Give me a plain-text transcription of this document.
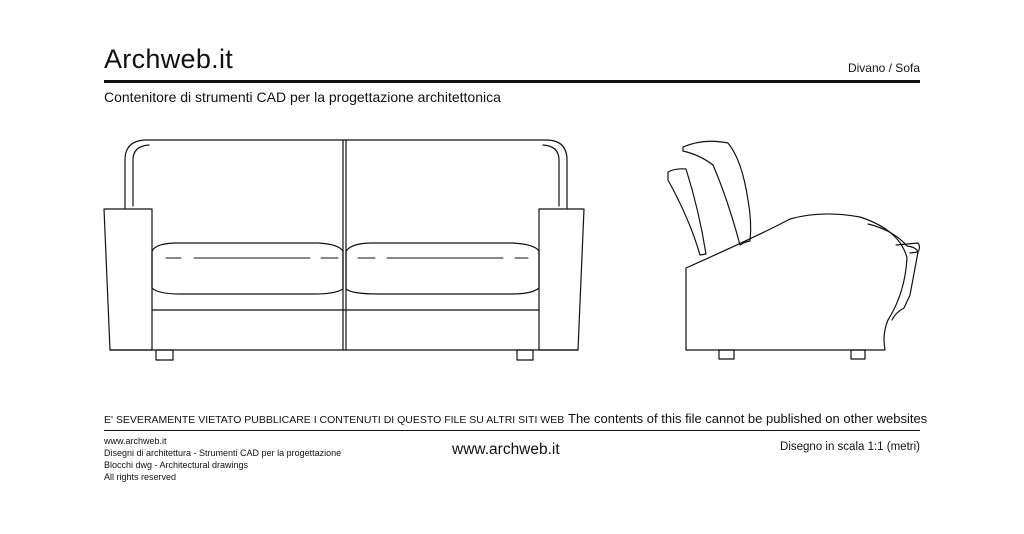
Archweb.it	Divano / Sofa
Contenitore di strumenti CAD per la progettazione architettonica
E' SEVERAMENTE VIETATO PUBBLICARE I CONTENUTI DI QUESTO FILE SU ALTRI SITI WEB The contents of this file cannot be published on other websites
www.archweb.it
Disegni di architettura - Strumenti CAD per la progettazione
Blocchi dwg - Architectural drawings
All rights reserved
www.archweb.it	Disegno in scala 1:1 (metri)
